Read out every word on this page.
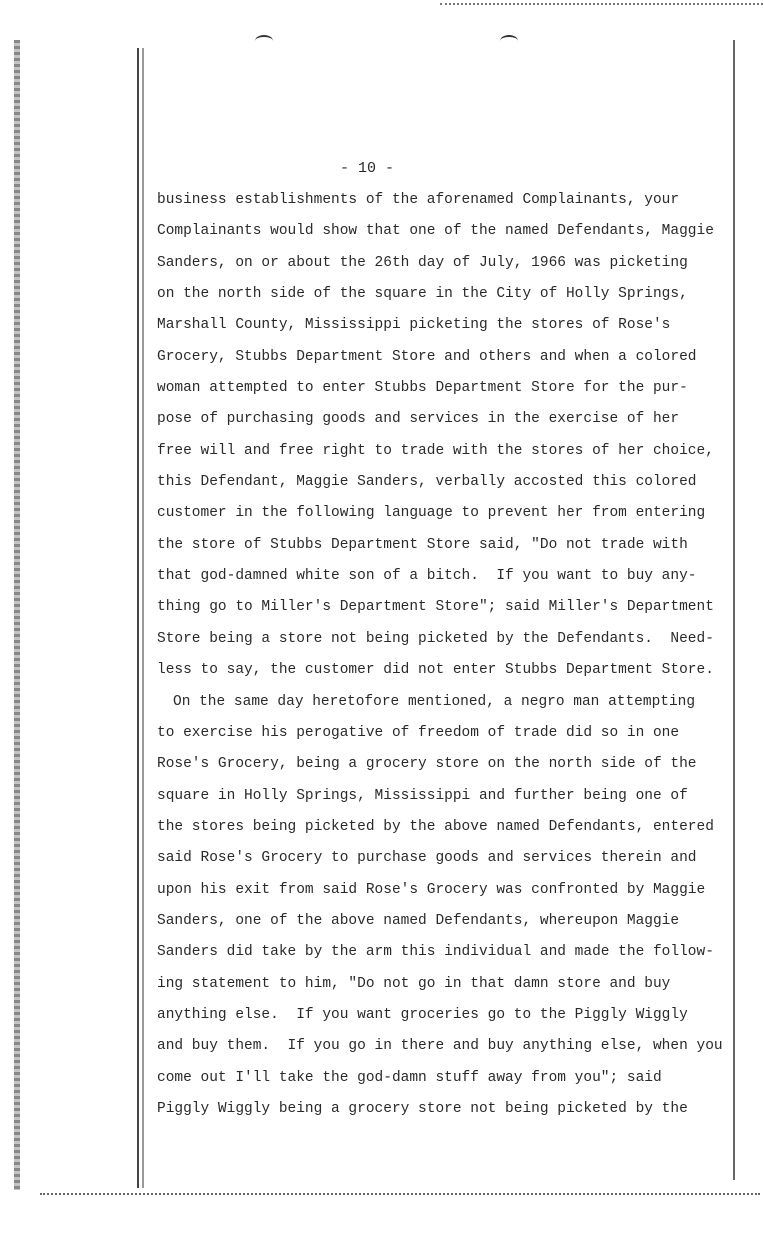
- 10 -
business establishments of the aforenamed Complainants, your
Complainants would show that one of the named Defendants, Maggie
Sanders, on or about the 26th day of July, 1966 was picketing
on the north side of the square in the City of Holly Springs,
Marshall County, Mississippi picketing the stores of Rose's
Grocery, Stubbs Department Store and others and when a colored
woman attempted to enter Stubbs Department Store for the pur-
pose of purchasing goods and services in the exercise of her
free will and free right to trade with the stores of her choice,
this Defendant, Maggie Sanders, verbally accosted this colored
customer in the following language to prevent her from entering
the store of Stubbs Department Store said, "Do not trade with
that god-damned white son of a bitch.  If you want to buy any-
thing go to Miller's Department Store"; said Miller's Department
Store being a store not being picketed by the Defendants.  Need-
less to say, the customer did not enter Stubbs Department Store.
On the same day heretofore mentioned, a negro man attempting
to exercise his perogative of freedom of trade did so in one
Rose's Grocery, being a grocery store on the north side of the
square in Holly Springs, Mississippi and further being one of
the stores being picketed by the above named Defendants, entered
said Rose's Grocery to purchase goods and services therein and
upon his exit from said Rose's Grocery was confronted by Maggie
Sanders, one of the above named Defendants, whereupon Maggie
Sanders did take by the arm this individual and made the follow-
ing statement to him, "Do not go in that damn store and buy
anything else.  If you want groceries go to the Piggly Wiggly
and buy them.  If you go in there and buy anything else, when you
come out I'll take the god-damn stuff away from you"; said
Piggly Wiggly being a grocery store not being picketed by the
